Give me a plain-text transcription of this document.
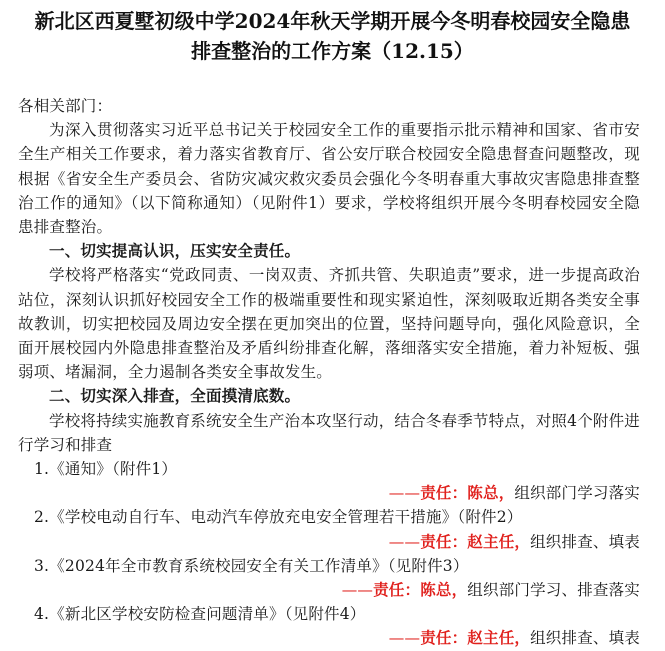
新北区西夏墅初级中学2024年秋天学期开展今冬明春校园安全隐患
排查整治的工作方案（12.15）

各相关部门：

为深入贯彻落实习近平总书记关于校园安全工作的重要指示批示精神和国家、省市安全生产相关工作要求，着力落实省教育厅、省公安厅联合校园安全隐患督查问题整改，现根据《省安全生产委员会、省防灾减灾救灾委员会强化今冬明春重大事故灾害隐患排查整治工作的通知》（以下简称通知）（见附件1）要求，学校将组织开展今冬明春校园安全隐患排查整治。

一、切实提高认识，压实安全责任。

学校将严格落实“党政同责、一岗双责、齐抓共管、失职追责”要求，进一步提高政治站位，深刻认识抓好校园安全工作的极端重要性和现实紧迫性，深刻吸取近期各类安全事故教训，切实把校园及周边安全摆在更加突出的位置，坚持问题导向，强化风险意识，全面开展校园内外隐患排查整治及矛盾纠纷排查化解，落细落实安全措施，着力补短板、强弱项、堵漏洞，全力遏制各类安全事故发生。

二、切实深入排查，全面摸清底数。

学校将持续实施教育系统安全生产治本攻坚行动，结合冬春季节特点，对照4个附件进行学习和排查

1.《通知》（附件1）

——责任：陈总，组织部门学习落实

2.《学校电动自行车、电动汽车停放充电安全管理若干措施》（附件2）

——责任：赵主任，组织排查、填表

3.《2024年全市教育系统校园安全有关工作清单》（见附件3）

——责任：陈总，组织部门学习、排查落实

4.《新北区学校安防检查问题清单》（见附件4）

——责任：赵主任，组织排查、填表
